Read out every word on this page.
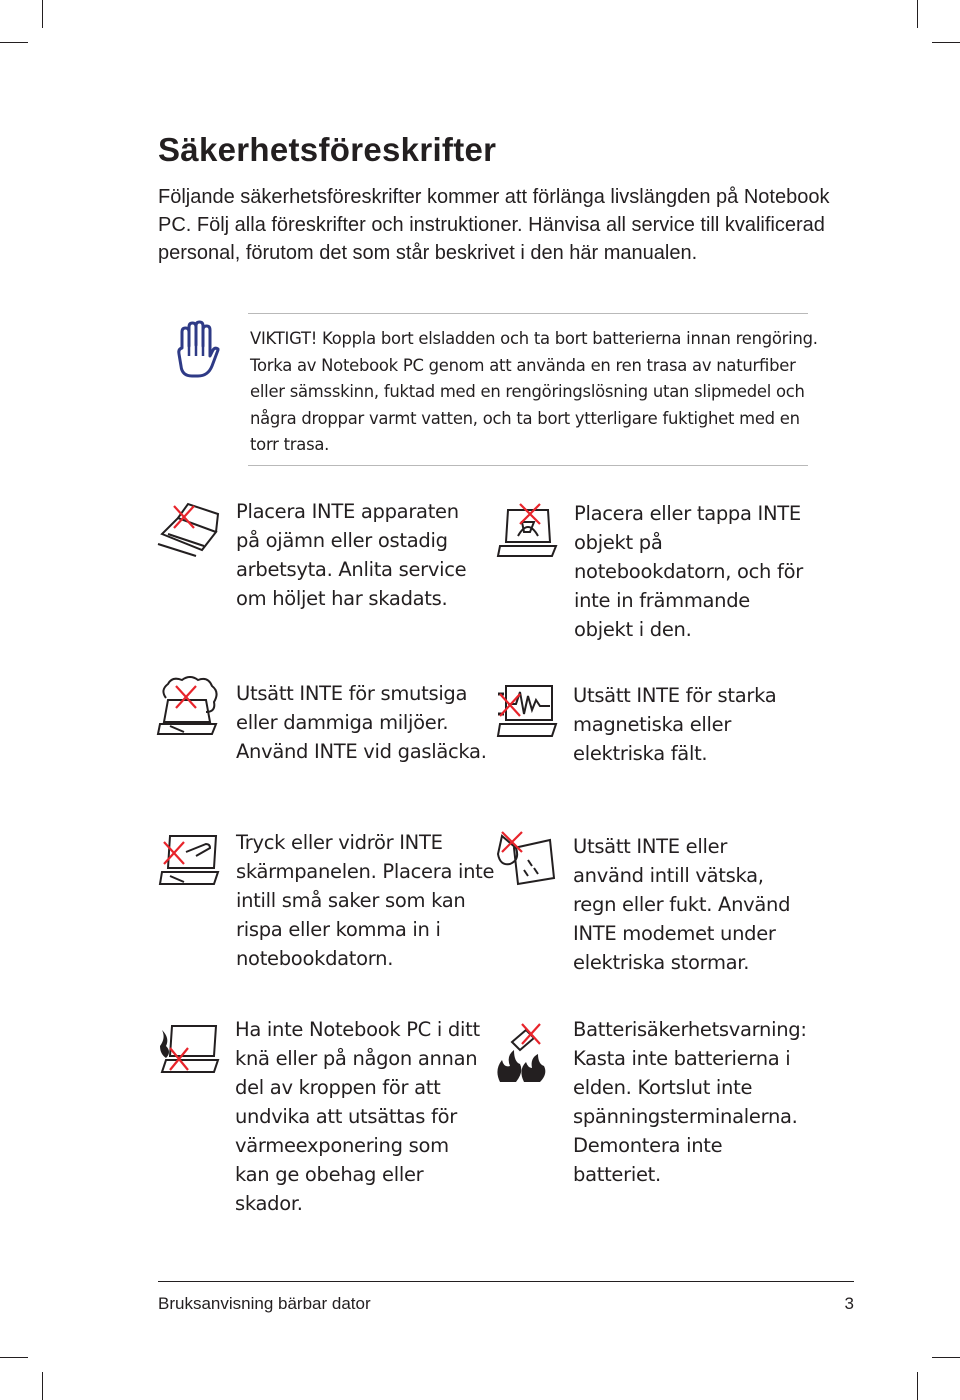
Säkerhetsföreskrifter

Följande säkerhetsföreskrifter kommer att förlänga livslängden på Notebook PC. Följ alla föreskrifter och instruktioner. Hänvisa all service till kvaliﬁcerad personal, förutom det som står beskrivet i den här manualen.

VIKTIGT! Koppla bort elsladden och ta bort batterierna innan rengöring. Torka av Notebook PC genom att använda en ren trasa av naturﬁber eller sämsskinn, fuktad med en rengöringslösning utan slipmedel och några droppar varmt vatten, och ta bort ytterligare fuktighet med en torr trasa.

Placera INTE apparaten på ojämn eller ostadig arbetsyta. Anlita service om höljet har skadats.

Placera eller tappa INTE objekt på notebookdatorn, och för inte in främmande objekt i den.

Utsätt INTE för smutsiga eller dammiga miljöer. Använd INTE vid gasläcka.

Utsätt INTE för starka magnetiska eller elektriska fält.

Tryck eller vidrör INTE skärmpanelen. Placera inte intill små saker som kan rispa eller komma in i notebookdatorn.

Utsätt INTE eller använd intill vätska, regn eller fukt. Använd INTE modemet under elektriska stormar.

Ha inte Notebook PC i ditt knä eller på någon annan del av kroppen för att undvika att utsättas för värmeexponering som kan ge obehag eller skador.

Batterisäkerhetsvarning: Kasta inte batterierna i elden. Kortslut inte spänningsterminalerna. Demontera inte batteriet.

Bruksanvisning bärbar dator	3
